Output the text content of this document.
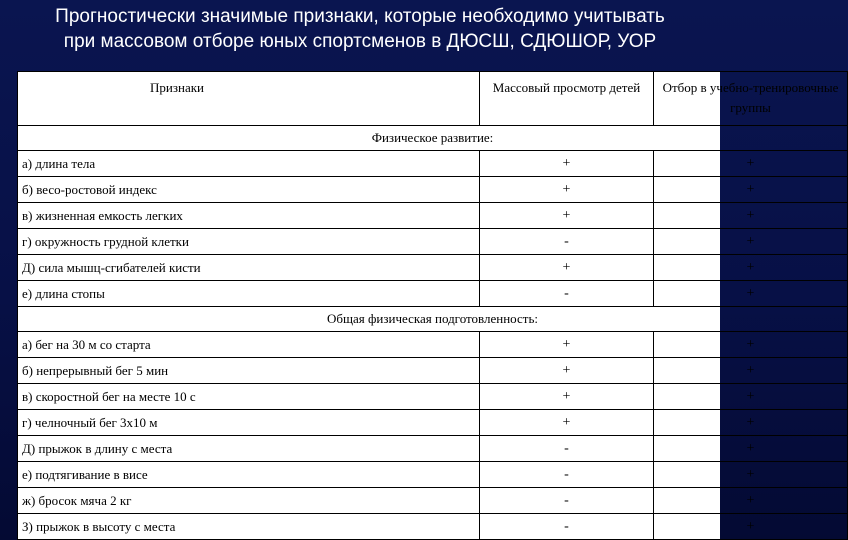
Прогностически значимые признаки, которые необходимо учитывать
при массовом отборе юных спортсменов в ДЮСШ, СДЮШОР, УОР
Признаки	Массовый просмотр детей	Отбор в учебно-тренировочные группы
Физическое развитие:		
а) длина тела	+	+
б) весо-ростовой индекс	+	+
в) жизненная емкость легких	+	+
г) окружность грудной клетки	-	+
Д) сила мышц-сгибателей кисти	+	+
е) длина стопы	-	+
Общая физическая подготовленность:		
а) бег на 30 м со старта	+	+
б) непрерывный бег 5 мин	+	+
в) скоростной бег на месте 10 с	+	+
г) челночный бег 3х10 м	+	+
Д) прыжок в длину с места	-	+
е) подтягивание в висе	-	+
ж) бросок мяча 2 кг	-	+
З) прыжок в высоту с места	-	+
